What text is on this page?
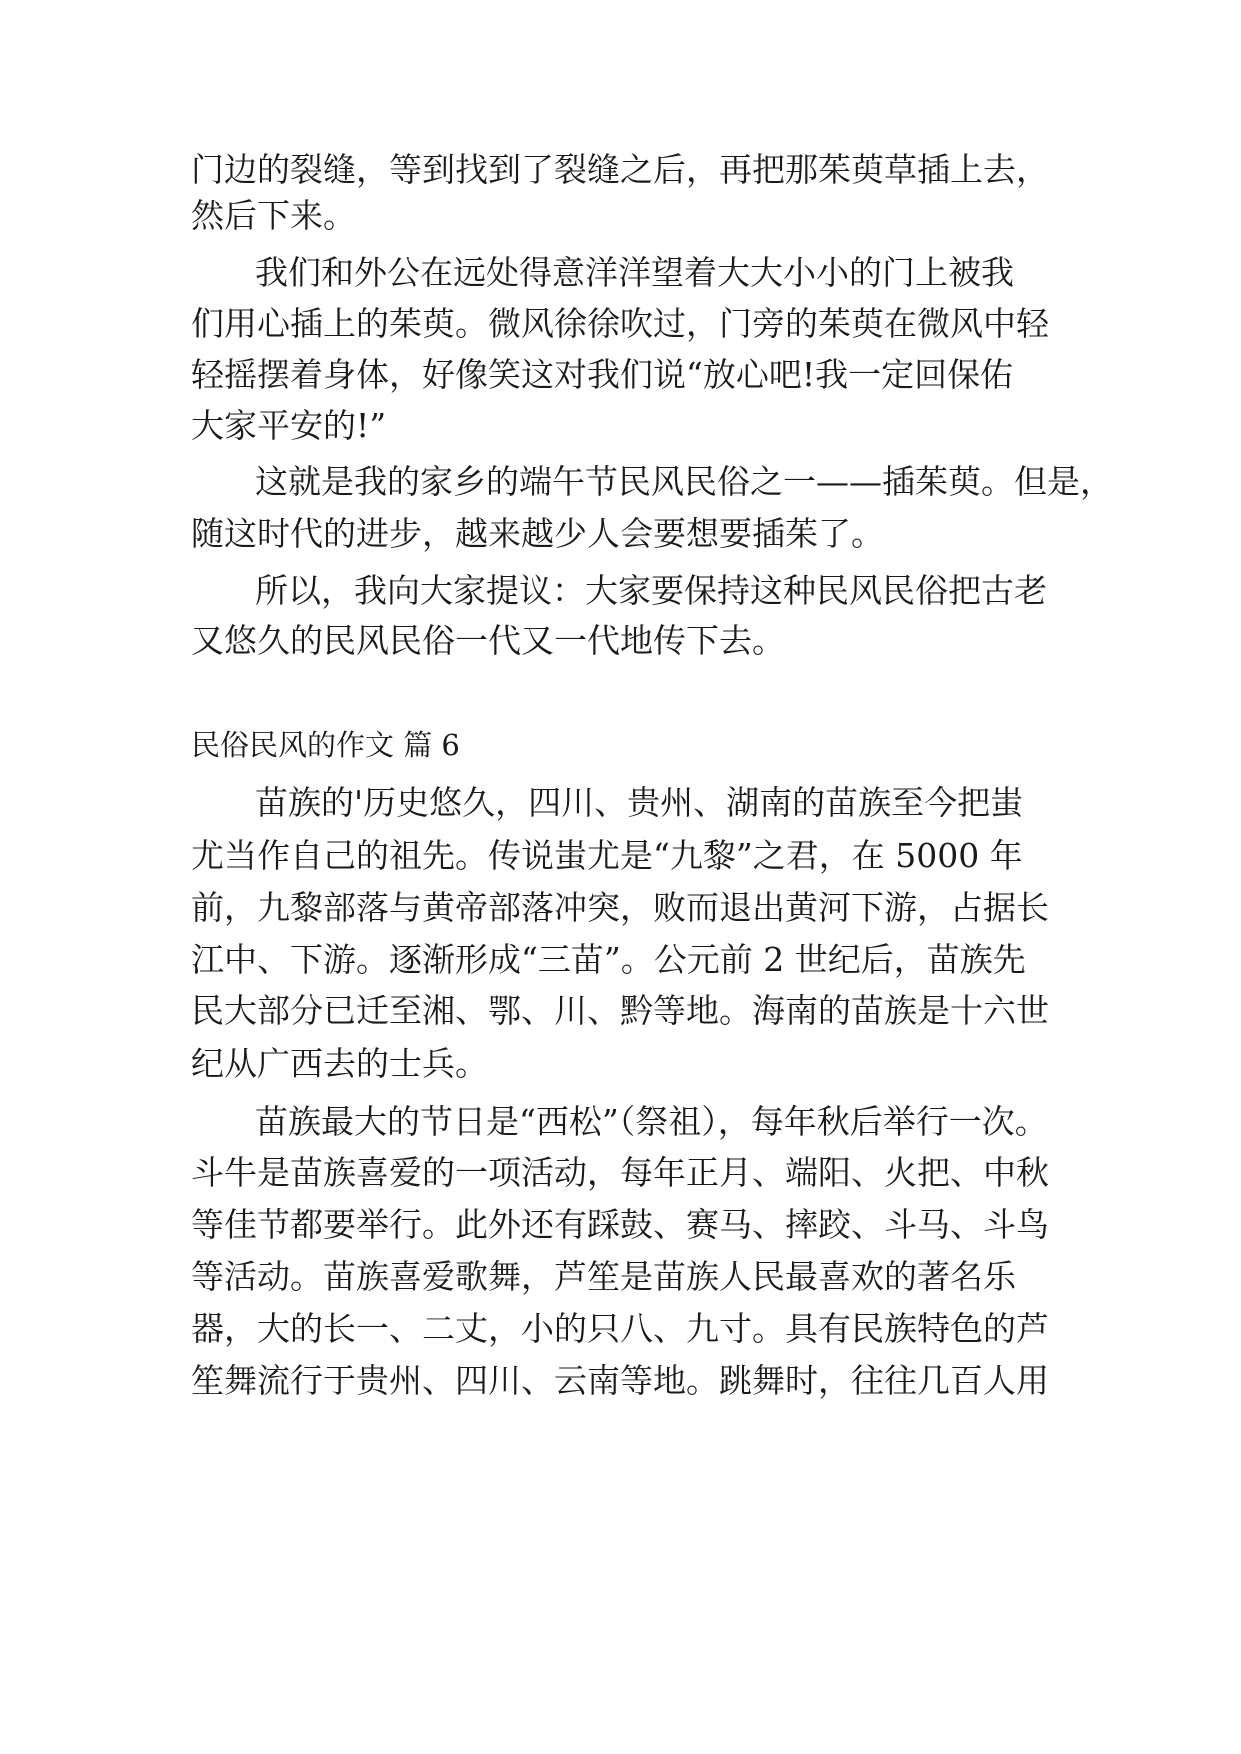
门边的裂缝，等到找到了裂缝之后，再把那茱萸草插上去，
然后下来。
我们和外公在远处得意洋洋望着大大小小的门上被我
们用心插上的茱萸。微风徐徐吹过，门旁的茱萸在微风中轻
轻摇摆着身体，好像笑这对我们说“放心吧!我一定回保佑
大家平安的!”
这就是我的家乡的端午节民风民俗之一——插茱萸。但是，
随这时代的进步，越来越少人会要想要插茱了。
所以，我向大家提议：大家要保持这种民风民俗把古老
又悠久的民风民俗一代又一代地传下去。
民俗民风的作文 篇 6
苗族的'历史悠久，四川、贵州、湖南的苗族至今把蚩
尤当作自己的祖先。传说蚩尤是“九黎”之君，在 5000 年
前，九黎部落与黄帝部落冲突，败而退出黄河下游，占据长
江中、下游。逐渐形成“三苗”。公元前 2 世纪后，苗族先
民大部分已迁至湘、鄂、川、黔等地。海南的苗族是十六世
纪从广西去的士兵。
苗族最大的节日是“西松”（祭祖），每年秋后举行一次。
斗牛是苗族喜爱的一项活动，每年正月、端阳、火把、中秋
等佳节都要举行。此外还有踩鼓、赛马、摔跤、斗马、斗鸟
等活动。苗族喜爱歌舞，芦笙是苗族人民最喜欢的著名乐
器，大的长一、二丈，小的只八、九寸。具有民族特色的芦
笙舞流行于贵州、四川、云南等地。跳舞时，往往几百人用
